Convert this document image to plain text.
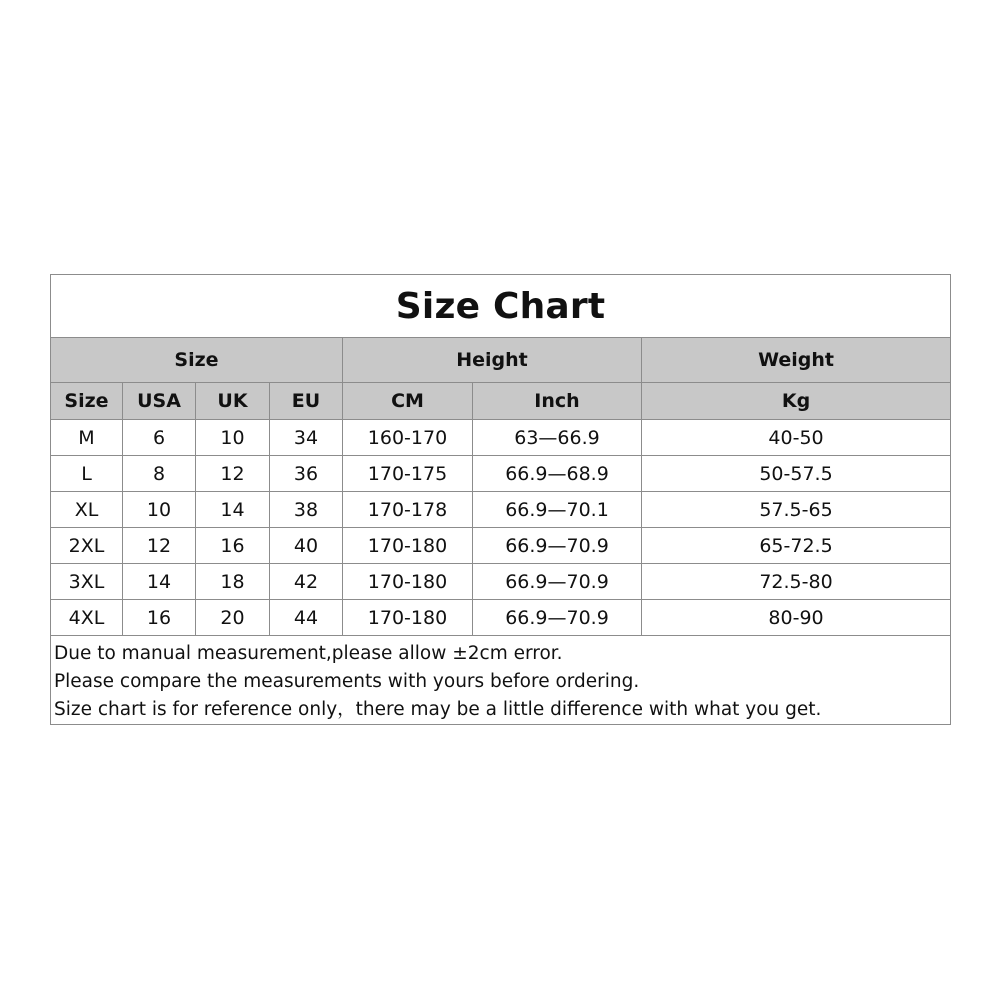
Size Chart						
Size				Height		Weight
Size	USA	UK	EU	CM	Inch	Kg
M	6	10	34	160-170	63—66.9	40-50
L	8	12	36	170-175	66.9—68.9	50-57.5
XL	10	14	38	170-178	66.9—70.1	57.5-65
2XL	12	16	40	170-180	66.9—70.9	65-72.5
3XL	14	18	42	170-180	66.9—70.9	72.5-80
4XL	16	20	44	170-180	66.9—70.9	80-90

Due to manual measurement,please allow ±2cm error.
Please compare the measurements with yours before ordering.
Size chart is for reference only，there may be a little difference with what you get.						
